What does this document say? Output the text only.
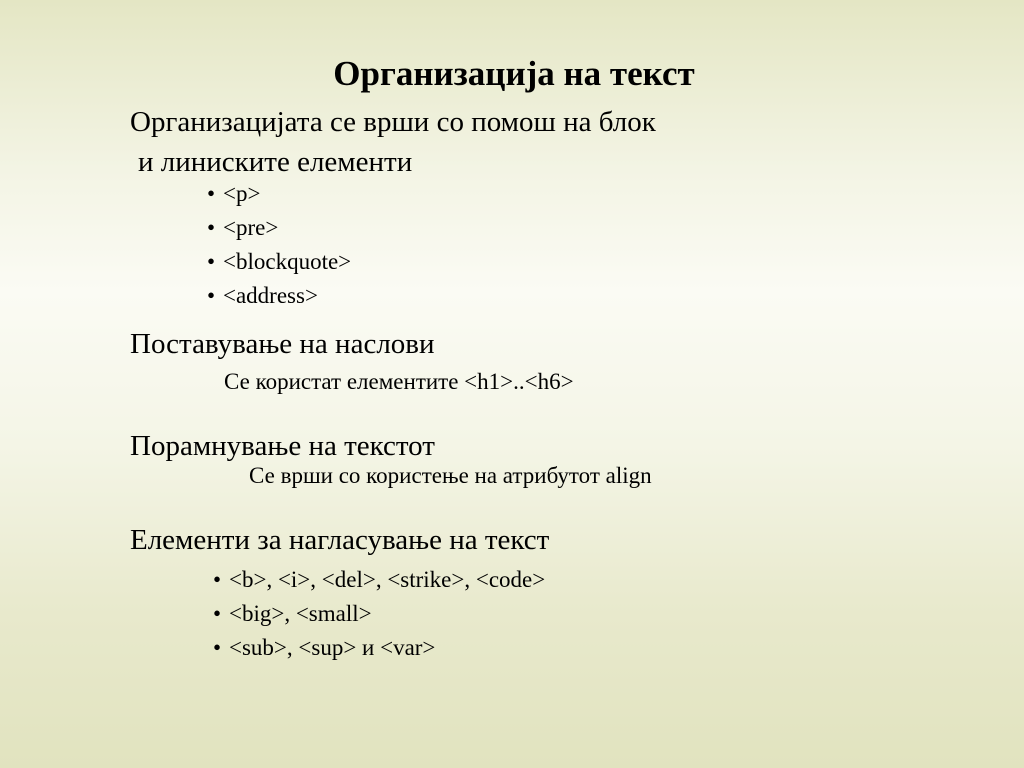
Организација на текст

Организацијата се врши со помош на блок

и линиските елементи

• <p>
• <pre>
• <blockquote>
• <address>

Поставување на наслови

Се користат елементите <h1>..<h6>

Порамнување на текстот

Се врши со користење на атрибутот align

Елементи за нагласување на текст

• <b>, <i>, <del>, <strike>, <code>
• <big>, <small>
• <sub>, <sup> и <var>
